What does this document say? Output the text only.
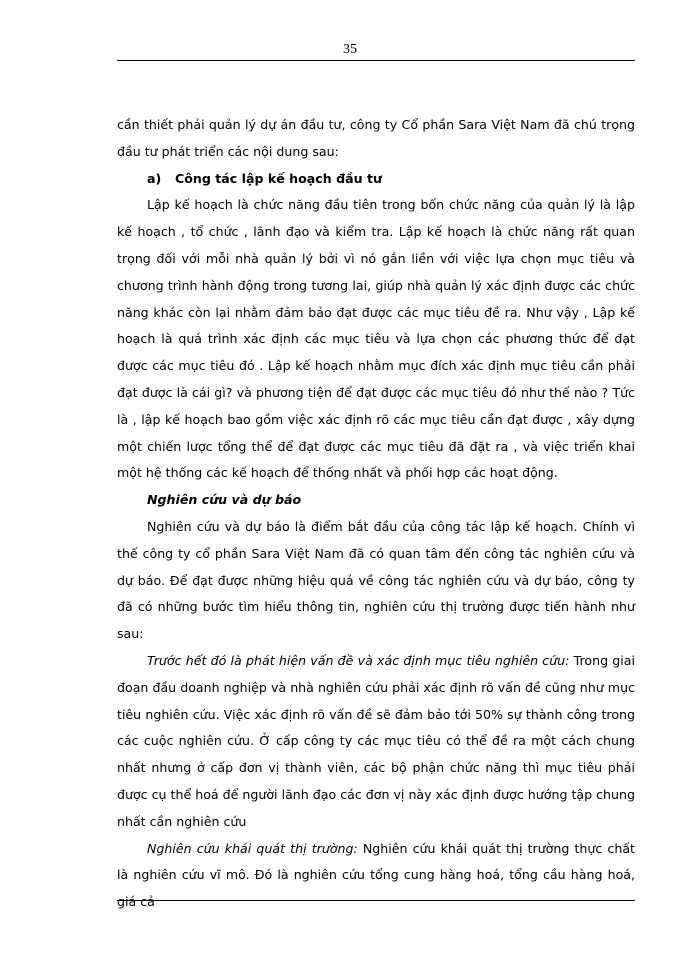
35

cần thiết phải quản lý dự án đầu tư, công ty Cổ phần Sara Việt Nam đã chú trọng đầu tư phát triển các nội dung sau:

a) Công tác lập kế hoạch đầu tư

Lập kế hoạch là chức năng đầu tiên trong bốn chức năng của quản lý là lập kế hoạch , tổ chức , lãnh đạo và kiểm tra. Lập kế hoạch là chức năng rất quan trọng đối với mỗi nhà quản lý bởi vì nó gắn liền với việc lựa chọn mục tiêu và chương trình hành động trong tương lai, giúp nhà quản lý xác định được các chức năng khác còn lại nhằm đảm bảo đạt được các mục tiêu đề ra. Như vậy , Lập kế hoạch là quá trình xác định các mục tiêu và lựa chọn các phương thức để đạt được các mục tiêu đó . Lập kế hoạch nhằm mục đích xác định mục tiêu cần phải đạt được là cái gì? và phương tiện để đạt được các mục tiêu đó như thế nào ? Tức là , lập kế hoạch bao gồm việc xác định rõ các mục tiêu cần đạt được , xây dựng một chiến lược tổng thể để đạt được các mục tiêu đã đặt ra , và việc triển khai một hệ thống các kế hoạch để thống nhất và phối hợp các hoạt động.

Nghiên cứu và dự báo

Nghiên cứu và dự báo là điểm bắt đầu của công tác lập kế hoạch. Chính vì thế công ty cổ phần Sara Việt Nam đã có quan tâm đến công tác nghiên cứu và dự báo. Để đạt được những hiệu quả về công tác nghiên cứu và dự báo, công ty đã có những bước tìm hiểu thông tin, nghiên cứu thị trường được tiến hành như sau:

Trước hết đó là phát hiện vấn đề và xác định mục tiêu nghiên cứu: Trong giai đoạn đầu doanh nghiệp và nhà nghiên cứu phải xác định rõ vấn đề cũng như mục tiêu nghiên cứu. Việc xác định rõ vấn đề sẽ đảm bảo tới 50% sự thành công trong các cuộc nghiên cứu. Ở cấp công ty các mục tiêu có thể đề ra một cách chung nhất nhưng ở cấp đơn vị thành viên, các bộ phận chức năng thì mục tiêu phải được cụ thể hoá để người lãnh đạo các đơn vị này xác định được hướng tập chung nhất cần nghiên cứu

Nghiên cứu khái quát thị trường: Nghiên cứu khái quát thị trường thực chất là nghiên cứu vĩ mô. Đó là nghiên cứu tổng cung hàng hoá, tổng cầu hàng hoá, giá cả
